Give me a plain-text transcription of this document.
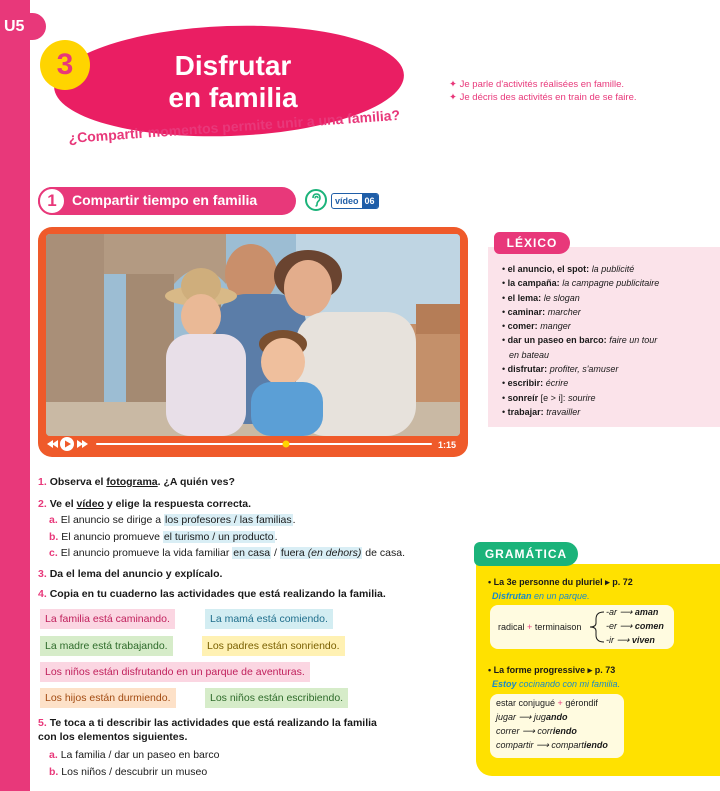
U5
3	Disfrutar
en familia
¿Compartir momentos permite unir a una familia?
✦ Je parle d'activités réalisées en famille.
✦ Je décris des activités en train de se faire.
1	Compartir tiempo en familia	vídeo 06
1:15
LÉXICO
• el anuncio, el spot: la publicité
• la campaña: la campagne publicitaire
• el lema: le slogan
• caminar: marcher
• comer: manger
• dar un paseo en barco: faire un tour
en bateau
• disfrutar: profiter, s'amuser
• escribir: écrire
• sonreír [e > i]: sourire
• trabajar: travailler
1. Observa el fotograma. ¿A quién ves?
2. Ve el vídeo y elige la respuesta correcta.
a. El anuncio se dirige a los profesores / las familias.
b. El anuncio promueve el turismo / un producto.
c. El anuncio promueve la vida familiar en casa / fuera (en dehors) de casa.
3. Da el lema del anuncio y explícalo.
4. Copia en tu cuaderno las actividades que está realizando la familia.
La familia está caminando.	La mamá está comiendo.
La madre está trabajando.	Los padres están sonriendo.
Los niños están disfrutando en un parque de aventuras.
Los hijos están durmiendo.	Los niños están escribiendo.
5. Te toca a ti describir las actividades que está realizando la familia
con los elementos siguientes.
a. La familia / dar un paseo en barco
b. Los niños / descubrir un museo
GRAMÁTICA
• La 3e personne du pluriel ▸ p. 72
Disfrutan en un parque.
radical + terminaison
-ar ⟶ aman
-er ⟶ comen
-ir ⟶ viven
• La forme progressive ▸ p. 73
Estoy cocinando con mi familia.
estar conjugué + gérondif
jugar ⟶ jugando
correr ⟶ corriendo
compartir ⟶ compartiendo
